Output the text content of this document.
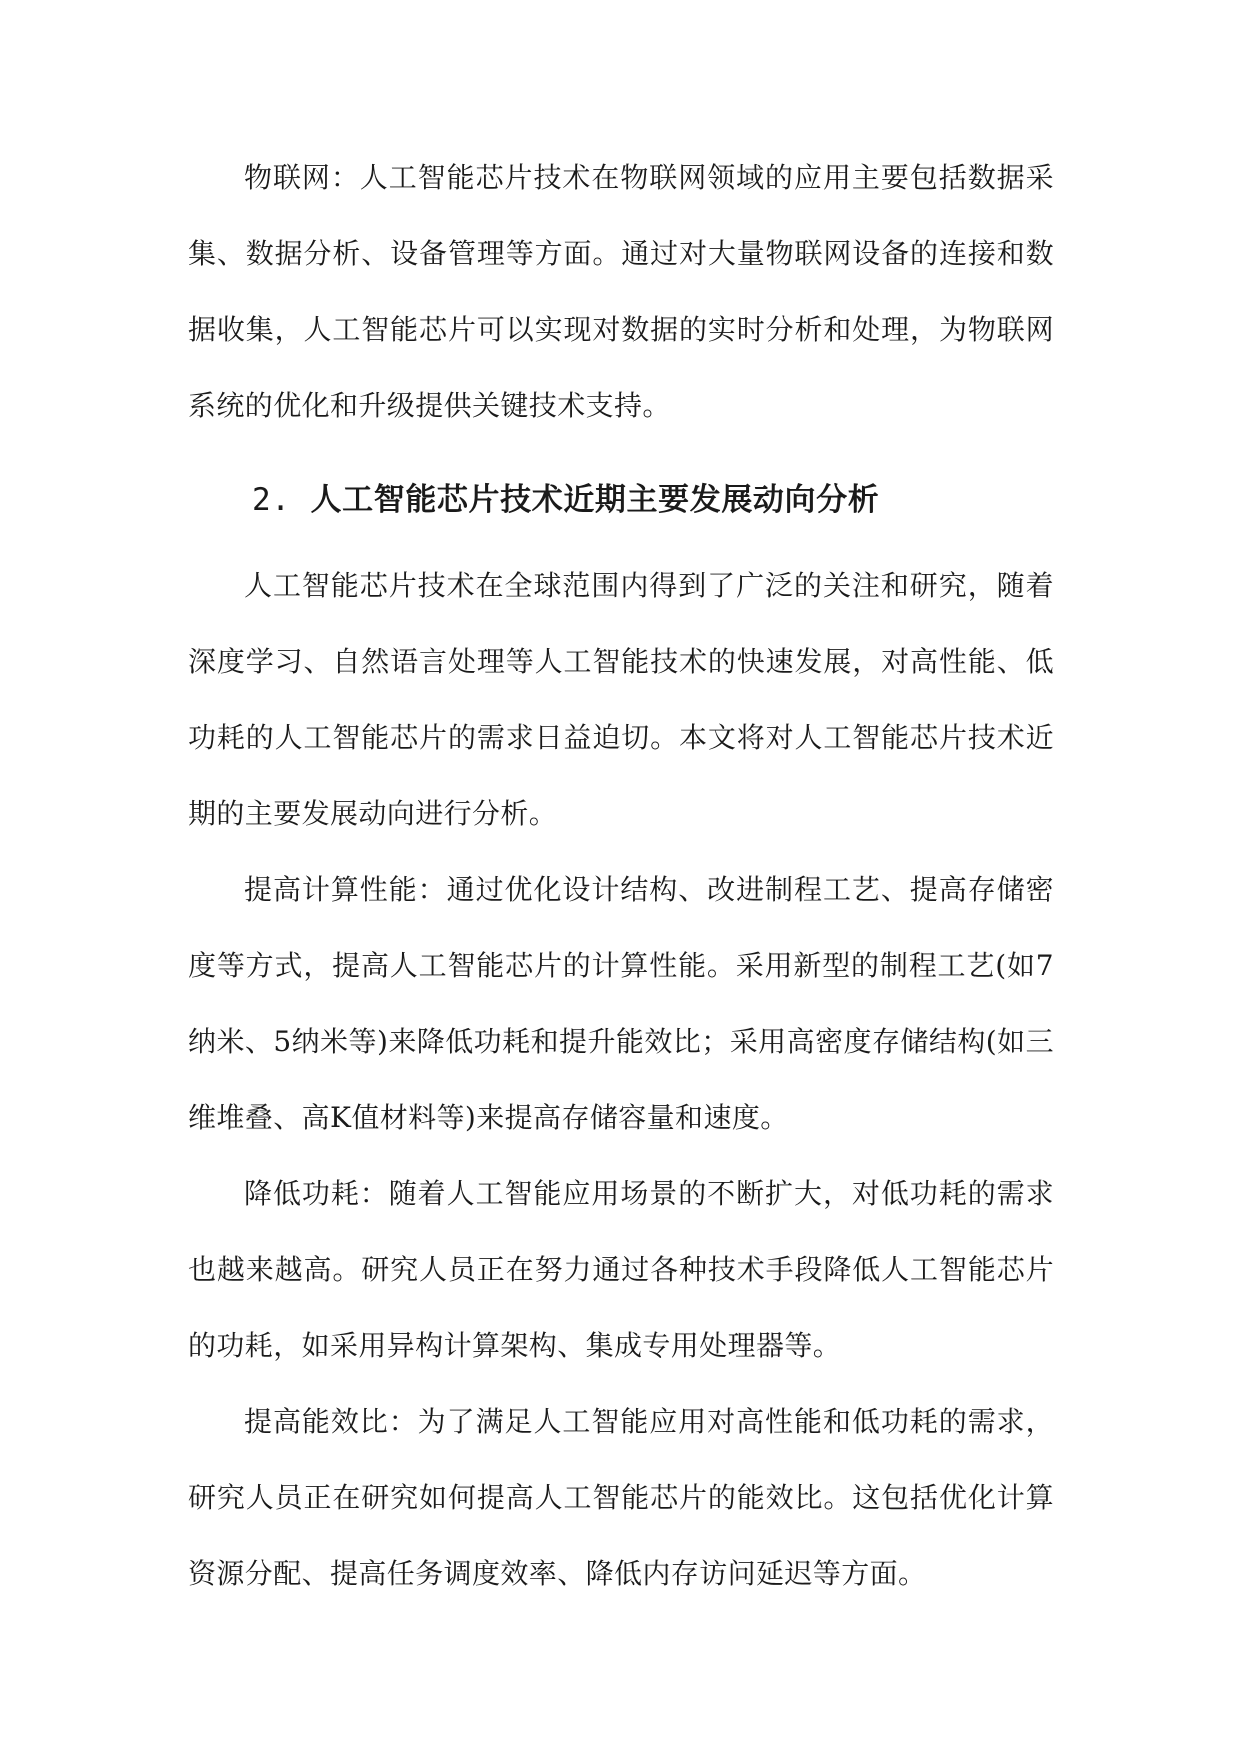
物联网：人工智能芯片技术在物联网领域的应用主要包括数据采集、数据分析、设备管理等方面。通过对大量物联网设备的连接和数据收集，人工智能芯片可以实现对数据的实时分析和处理，为物联网系统的优化和升级提供关键技术支持。

2. 人工智能芯片技术近期主要发展动向分析

人工智能芯片技术在全球范围内得到了广泛的关注和研究，随着深度学习、自然语言处理等人工智能技术的快速发展，对高性能、低功耗的人工智能芯片的需求日益迫切。本文将对人工智能芯片技术近期的主要发展动向进行分析。

提高计算性能：通过优化设计结构、改进制程工艺、提高存储密度等方式，提高人工智能芯片的计算性能。采用新型的制程工艺(如7纳米、5纳米等)来降低功耗和提升能效比；采用高密度存储结构(如三维堆叠、高K值材料等)来提高存储容量和速度。

降低功耗：随着人工智能应用场景的不断扩大，对低功耗的需求也越来越高。研究人员正在努力通过各种技术手段降低人工智能芯片的功耗，如采用异构计算架构、集成专用处理器等。

提高能效比：为了满足人工智能应用对高性能和低功耗的需求，研究人员正在研究如何提高人工智能芯片的能效比。这包括优化计算资源分配、提高任务调度效率、降低内存访问延迟等方面。
